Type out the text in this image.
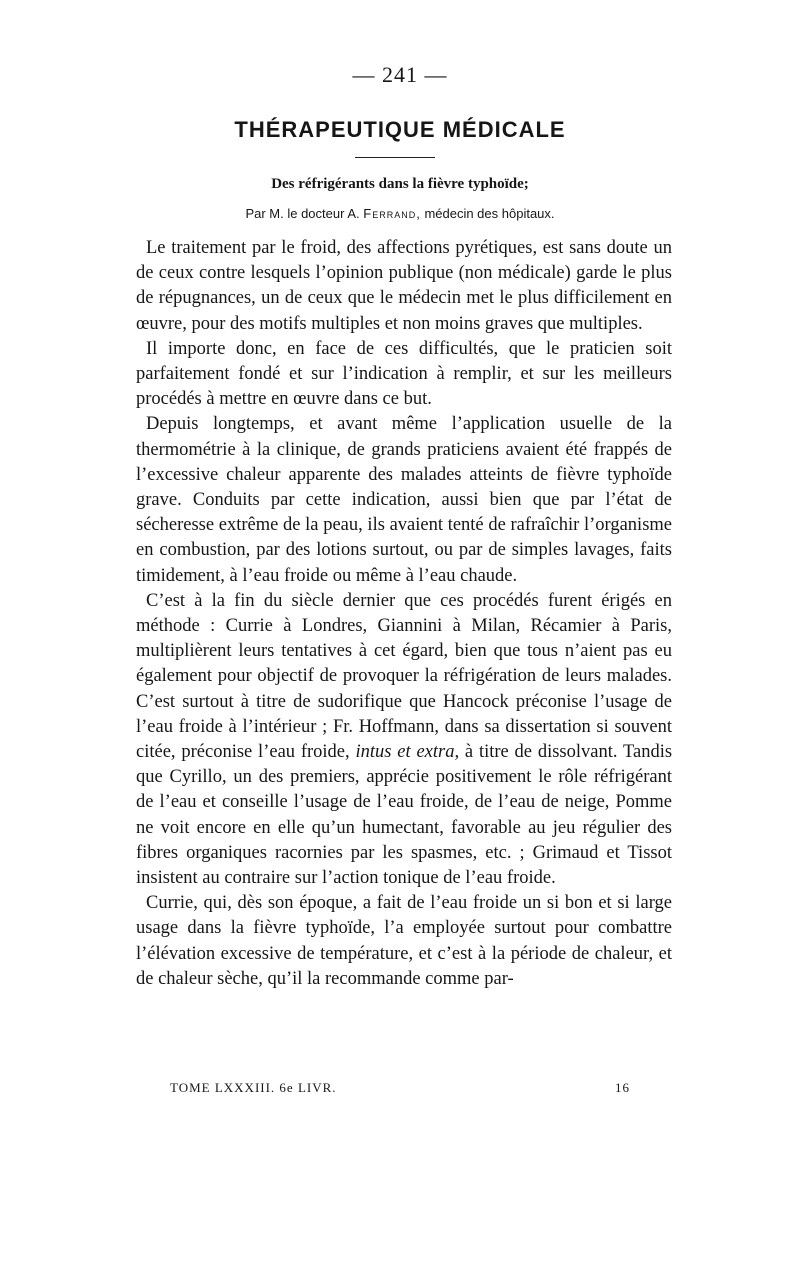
— 241 —
THÉRAPEUTIQUE MÉDICALE
Des réfrigérants dans la fièvre typhoïde;
Par M. le docteur A. Ferrand, médecin des hôpitaux.

Le traitement par le froid, des affections pyrétiques, est sans doute un de ceux contre lesquels l’opinion publique (non médicale) garde le plus de répugnances, un de ceux que le médecin met le plus difficilement en œuvre, pour des motifs multiples et non moins graves que multiples.

Il importe donc, en face de ces difficultés, que le praticien soit parfaitement fondé et sur l’indication à remplir, et sur les meilleurs procédés à mettre en œuvre dans ce but.

Depuis longtemps, et avant même l’application usuelle de la thermométrie à la clinique, de grands praticiens avaient été frappés de l’excessive chaleur apparente des malades atteints de fièvre typhoïde grave. Conduits par cette indication, aussi bien que par l’état de sécheresse extrême de la peau, ils avaient tenté de rafraîchir l’organisme en combustion, par des lotions surtout, ou par de simples lavages, faits timidement, à l’eau froide ou même à l’eau chaude.

C’est à la fin du siècle dernier que ces procédés furent érigés en méthode : Currie à Londres, Giannini à Milan, Récamier à Paris, multiplièrent leurs tentatives à cet égard, bien que tous n’aient pas eu également pour objectif de provoquer la réfrigération de leurs malades. C’est surtout à titre de sudorifique que Hancock préconise l’usage de l’eau froide à l’intérieur ; Fr. Hoffmann, dans sa dissertation si souvent citée, préconise l’eau froide, intus et extra, à titre de dissolvant. Tandis que Cyrillo, un des premiers, apprécie positivement le rôle réfrigérant de l’eau et conseille l’usage de l’eau froide, de l’eau de neige, Pomme ne voit encore en elle qu’un humectant, favorable au jeu régulier des fibres organiques racornies par les spasmes, etc. ; Grimaud et Tissot insistent au contraire sur l’action tonique de l’eau froide.

Currie, qui, dès son époque, a fait de l’eau froide un si bon et si large usage dans la fièvre typhoïde, l’a employée surtout pour combattre l’élévation excessive de température, et c’est à la période de chaleur, et de chaleur sèche, qu’il la recommande comme par-

TOME LXXXIII. 6e LIVR.	16
